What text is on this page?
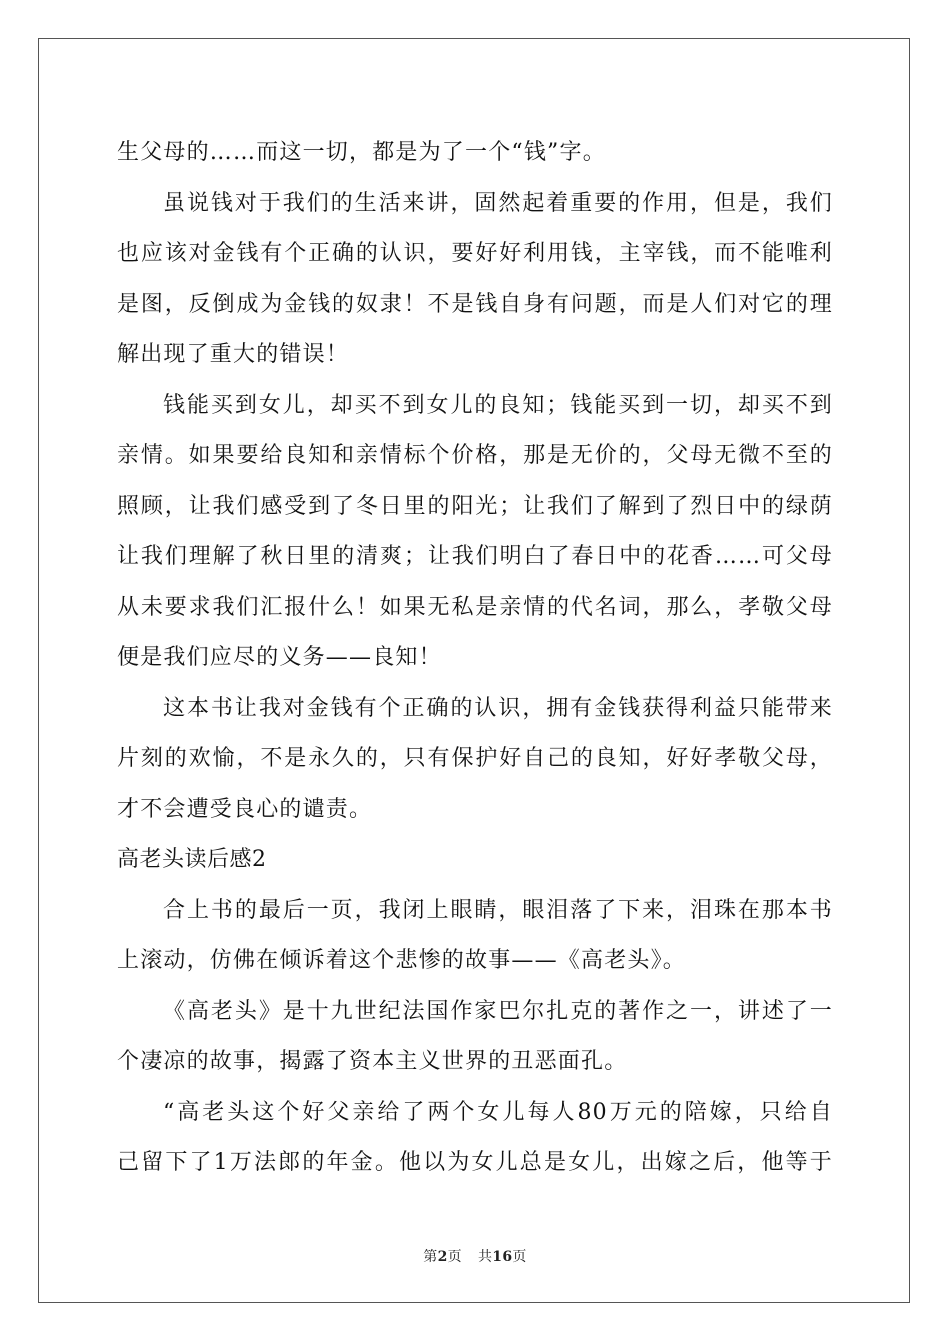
生父母的……而这一切，都是为了一个“钱”字。
虽说钱对于我们的生活来讲，固然起着重要的作用，但是，我们
也应该对金钱有个正确的认识，要好好利用钱，主宰钱，而不能唯利
是图，反倒成为金钱的奴隶！不是钱自身有问题，而是人们对它的理
解出现了重大的错误！
钱能买到女儿，却买不到女儿的良知；钱能买到一切，却买不到
亲情。如果要给良知和亲情标个价格，那是无价的，父母无微不至的
照顾，让我们感受到了冬日里的阳光；让我们了解到了烈日中的绿荫
让我们理解了秋日里的清爽；让我们明白了春日中的花香……可父母
从未要求我们汇报什么！如果无私是亲情的代名词，那么，孝敬父母
便是我们应尽的义务——良知！
这本书让我对金钱有个正确的认识，拥有金钱获得利益只能带来
片刻的欢愉，不是永久的，只有保护好自己的良知，好好孝敬父母，
才不会遭受良心的谴责。
高老头读后感2
合上书的最后一页，我闭上眼睛，眼泪落了下来，泪珠在那本书
上滚动，仿佛在倾诉着这个悲惨的故事——《高老头》。
《高老头》是十九世纪法国作家巴尔扎克的著作之一，讲述了一
个凄凉的故事，揭露了资本主义世界的丑恶面孔。
“高老头这个好父亲给了两个女儿每人80万元的陪嫁，只给自
己留下了1万法郎的年金。他以为女儿总是女儿，出嫁之后，他等于
第2页 共16页
